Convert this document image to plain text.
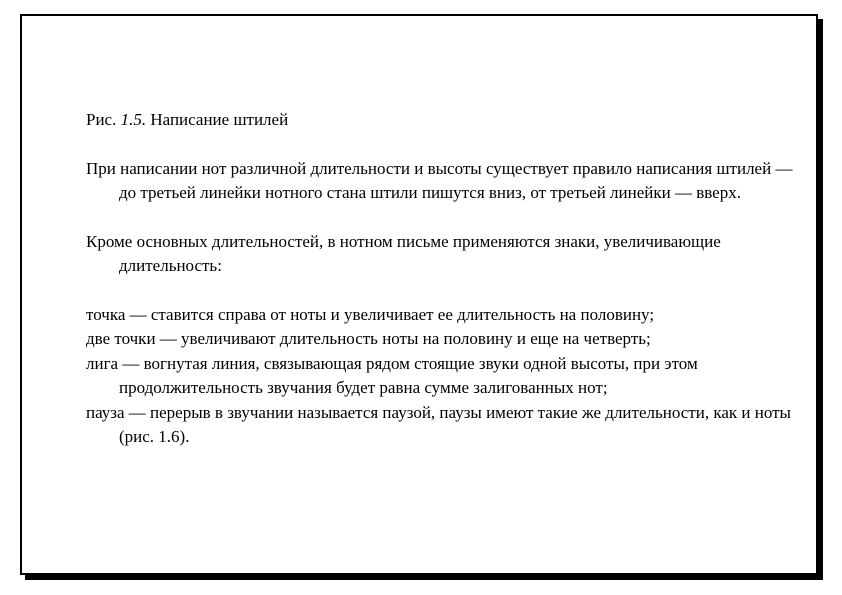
Рис. 1.5. Написание штилей

При написании нот различной длительности и высоты существует правило написания штилей — до третьей линейки нотного стана штили пишутся вниз, от третьей линейки — вверх.

Кроме основных длительностей, в нотном письме применяются знаки, увеличивающие длительность:

точка — ставится справа от ноты и увеличивает ее длительность на половину;

две точки — увеличивают длительность ноты на половину и еще на четверть;

лига — вогнутая линия, связывающая рядом стоящие звуки одной высоты, при этом продолжительность звучания будет равна сумме залигованных нот;

пауза — перерыв в звучании называется паузой, паузы имеют такие же длительности, как и ноты (рис. 1.6).
